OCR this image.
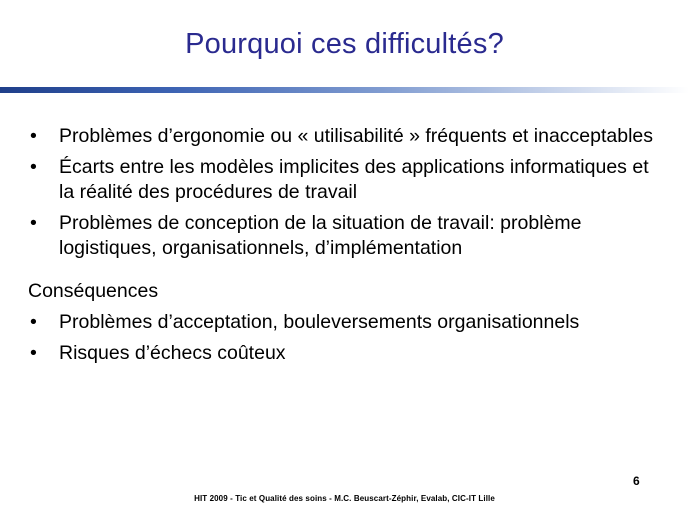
Pourquoi ces difficultés?
•	Problèmes d’ergonomie ou « utilisabilité » fréquents et inacceptables
•	Écarts entre les modèles implicites des applications informatiques et la réalité des procédures de travail
•	Problèmes de conception de la situation de travail: problème logistiques, organisationnels, d’implémentation
Conséquences
•	Problèmes d’acceptation, bouleversements organisationnels
•	Risques d’échecs coûteux
6
HIT 2009 - Tic et Qualité des soins - M.C. Beuscart-Zéphir, Evalab, CIC-IT Lille
